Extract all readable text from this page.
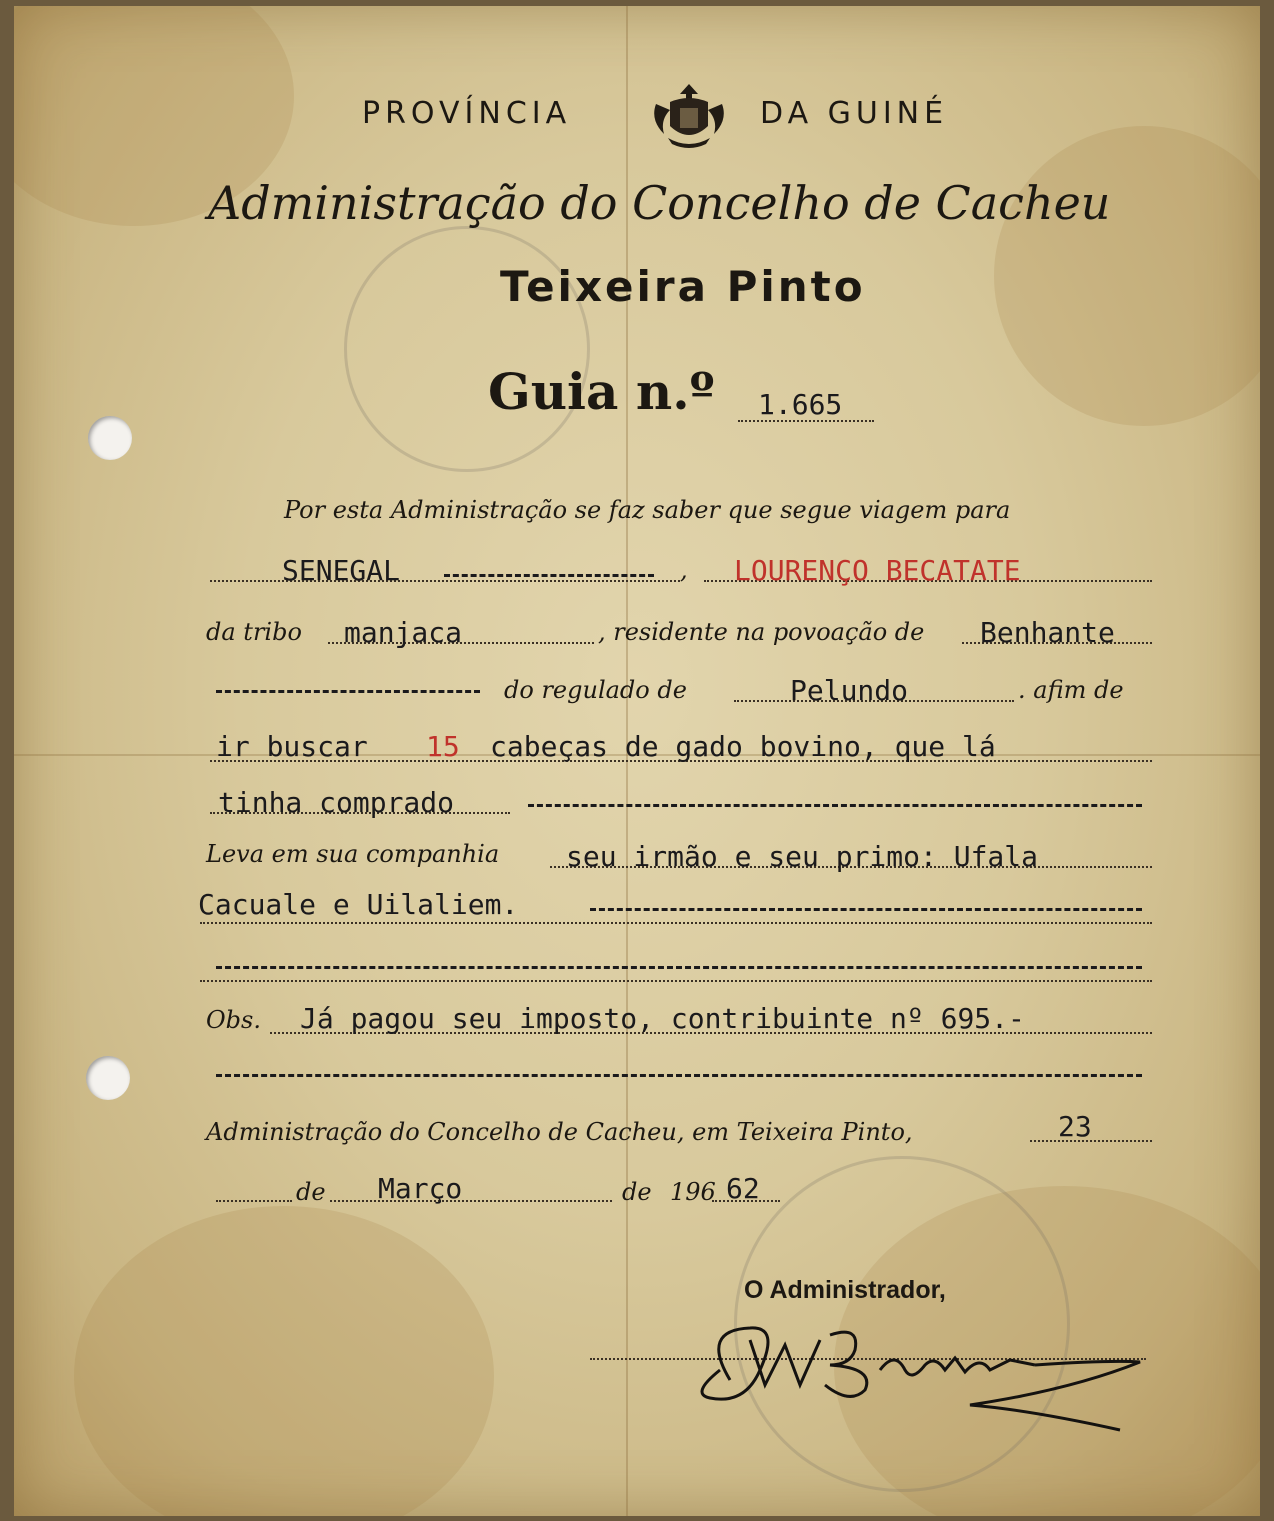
PROVÍNCIA	DA GUINÉ
Administração do Concelho de Cacheu
Teixeira Pinto
Guia n.º 1.665
Por esta Administração se faz saber que segue viagem para
SENEGAL	, LOURENÇO BECATATE
da tribo manjaca	, residente na povoação de Benhante
do regulado de	Pelundo	. afim de
ir buscar 15 cabeças de gado bovino, que lá
tinha comprado
Leva em sua companhia seu irmão e seu primo: Ufala
Cacuale e Uilaliem.
Obs. Já pagou seu imposto, contribuinte nº 695.-
Administração do Concelho de Cacheu, em Teixeira Pinto,	23
de Março	de 196 62
O Administrador,
